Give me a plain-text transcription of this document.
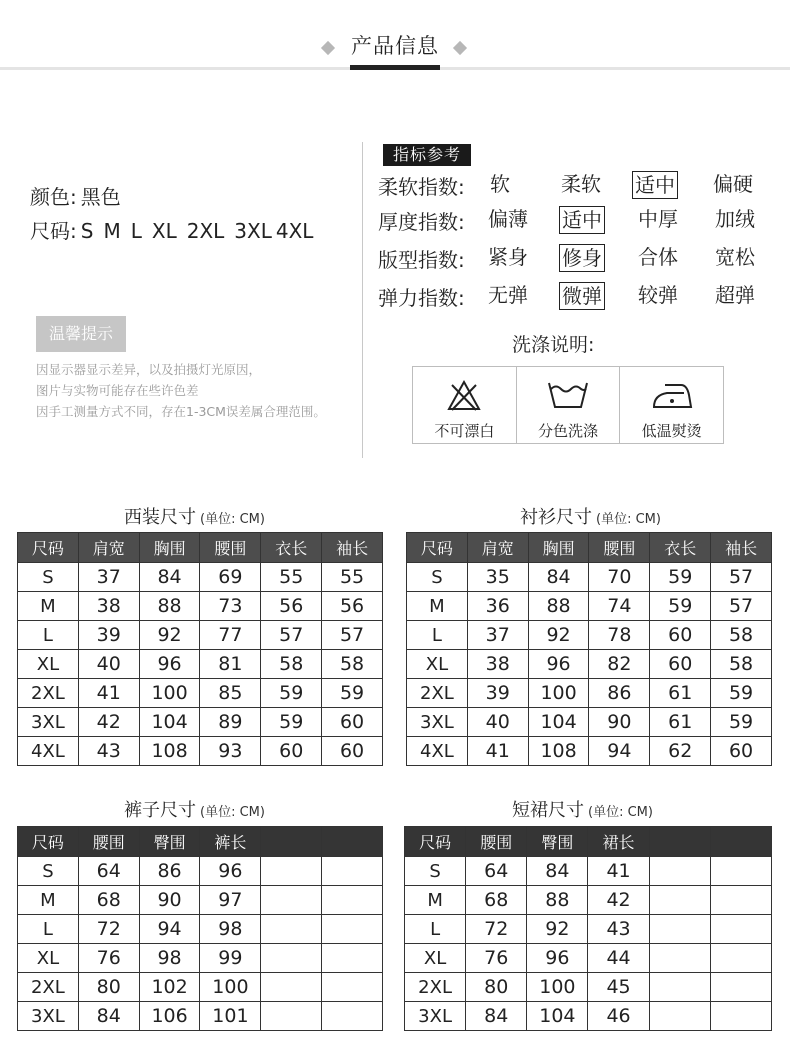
产品信息
颜色: 黑色
尺码: S M L XL 2XL 3XL 4XL
温馨提示
因显示器显示差异，以及拍摄灯光原因，
图片与实物可能存在些许色差
因手工测量方式不同，存在1-3CM误差属合理范围。
指标参考
柔软指数: 软	柔软 适中 偏硬
厚度指数: 偏薄 适中 中厚 加绒
版型指数: 紧身 修身 合体 宽松
弹力指数: 无弹 微弹 较弹 超弹
洗涤说明:
不可漂白	分色洗涤	低温熨烫
西装尺寸 (单位: CM)
尺码	肩宽	胸围	腰围	衣长	袖长
S	37	84	69	55	55
M	38	88	73	56	56
L	39	92	77	57	57
XL	40	96	81	58	58
2XL	41	100	85	59	59
3XL	42	104	89	59	60
4XL	43	108	93	60	60
衬衫尺寸 (单位: CM)
尺码	肩宽	胸围	腰围	衣长	袖长
S	35	84	70	59	57
M	36	88	74	59	57
L	37	92	78	60	58
XL	38	96	82	60	58
2XL	39	100	86	61	59
3XL	40	104	90	61	59
4XL	41	108	94	62	60
裤子尺寸 (单位: CM)
尺码	腰围	臀围	裤长		
S	64	86	96		
M	68	90	97		
L	72	94	98		
XL	76	98	99		
2XL	80	102	100		
3XL	84	106	101		
短裙尺寸 (单位: CM)
尺码	腰围	臀围	裙长		
S	64	84	41		
M	68	88	42		
L	72	92	43		
XL	76	96	44		
2XL	80	100	45		
3XL	84	104	46		
